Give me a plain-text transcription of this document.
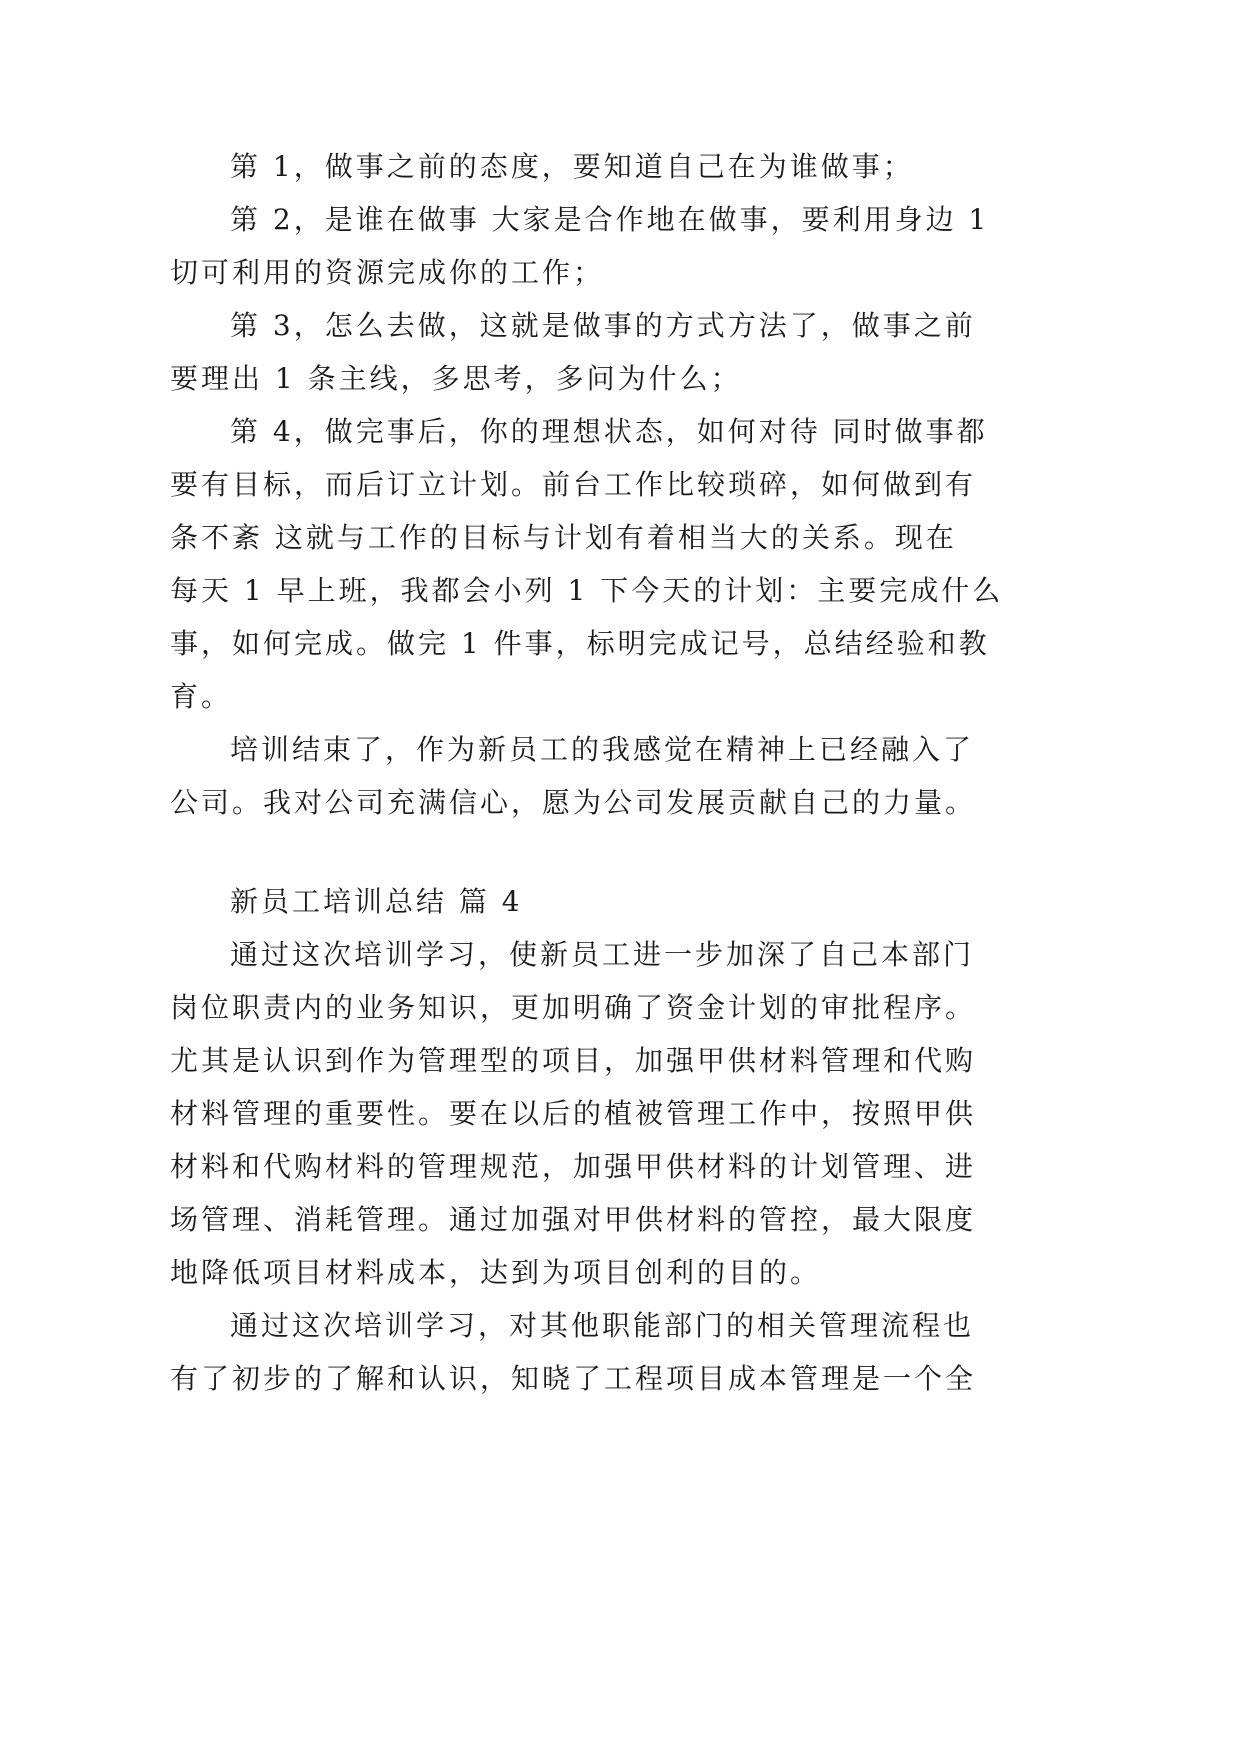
第 1，做事之前的态度，要知道自己在为谁做事；

第 2，是谁在做事 大家是合作地在做事，要利用身边 1

切可利用的资源完成你的工作；

第 3，怎么去做，这就是做事的方式方法了，做事之前

要理出 1 条主线，多思考，多问为什么；

第 4，做完事后，你的理想状态，如何对待 同时做事都

要有目标，而后订立计划。前台工作比较琐碎，如何做到有

条不紊 这就与工作的目标与计划有着相当大的关系。现在

每天 1 早上班，我都会小列 1 下今天的计划：主要完成什么

事，如何完成。做完 1 件事，标明完成记号，总结经验和教

育。

培训结束了，作为新员工的我感觉在精神上已经融入了

公司。我对公司充满信心，愿为公司发展贡献自己的力量。

新员工培训总结 篇 4

通过这次培训学习，使新员工进一步加深了自己本部门

岗位职责内的业务知识，更加明确了资金计划的审批程序。

尤其是认识到作为管理型的项目，加强甲供材料管理和代购

材料管理的重要性。要在以后的植被管理工作中，按照甲供

材料和代购材料的管理规范，加强甲供材料的计划管理、进

场管理、消耗管理。通过加强对甲供材料的管控，最大限度

地降低项目材料成本，达到为项目创利的目的。

通过这次培训学习，对其他职能部门的相关管理流程也

有了初步的了解和认识，知晓了工程项目成本管理是一个全
